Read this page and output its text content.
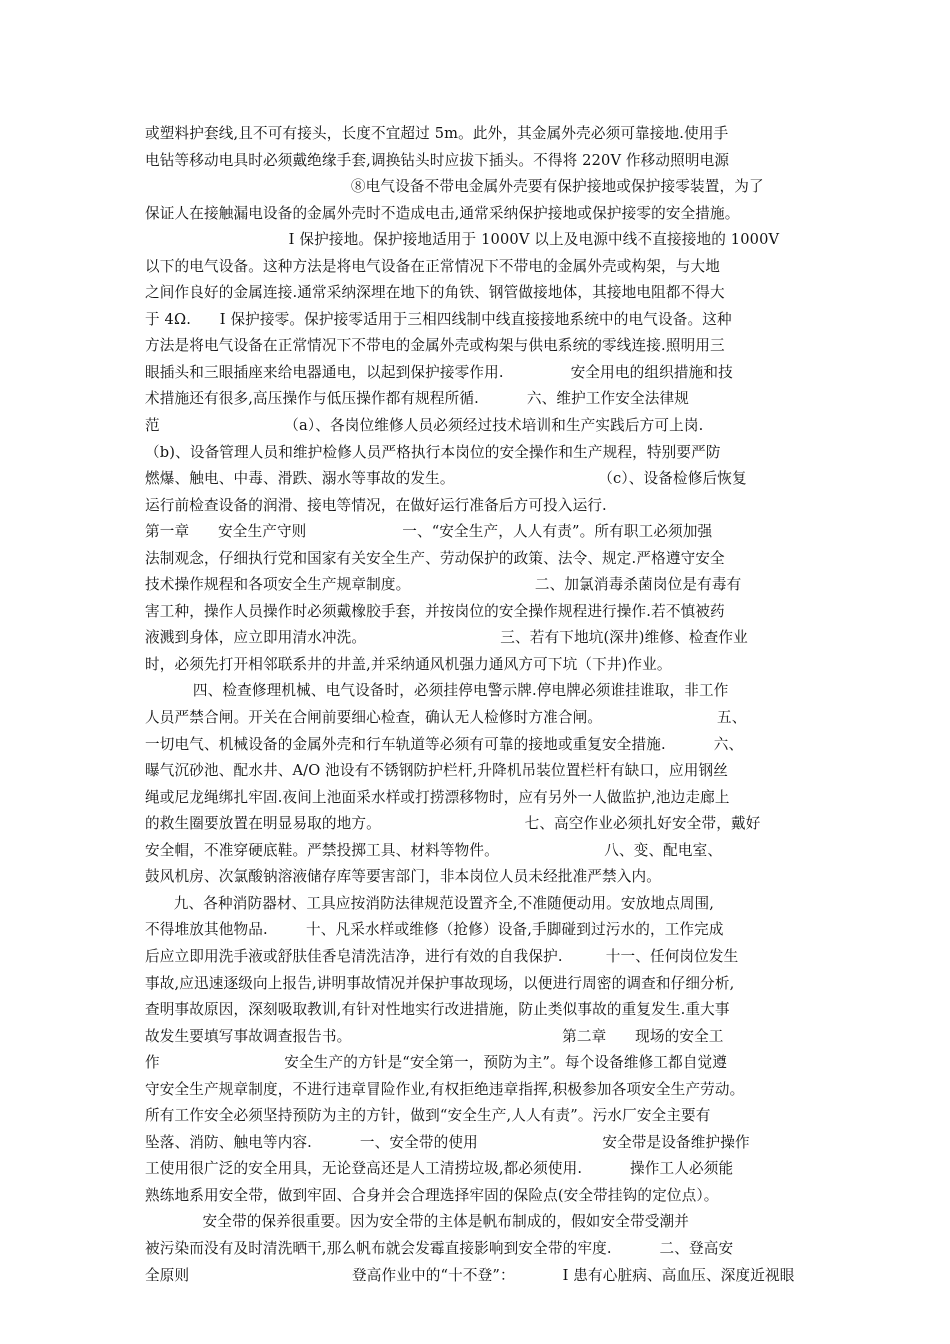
或塑料护套线,且不可有接头，长度不宜超过 5m。此外，其金属外壳必须可靠接地.使用手
电钻等移动电具时必须戴绝缘手套,调换钻头时应拔下插头。不得将 220V 作移动照明电源
⑧电气设备不带电金属外壳要有保护接地或保护接零装置，为了
保证人在接触漏电设备的金属外壳时不造成电击,通常采纳保护接地或保护接零的安全措施。
I 保护接地。保护接地适用于 1000V 以上及电源中线不直接接地的 1000V
以下的电气设备。这种方法是将电气设备在正常情况下不带电的金属外壳或构架，与大地
之间作良好的金属连接.通常采纳深埋在地下的角铁、钢管做接地体，其接地电阻都不得大
于 4Ω.      I 保护接零。保护接零适用于三相四线制中线直接接地系统中的电气设备。这种
方法是将电气设备在正常情况下不带电的金属外壳或构架与供电系统的零线连接.照明用三
眼插头和三眼插座来给电器通电，以起到保护接零作用.              安全用电的组织措施和技
术措施还有很多,高压操作与低压操作都有规程所循.          六、维护工作安全法律规
范                          （a）、各岗位维修人员必须经过技术培训和生产实践后方可上岗.
（b)、设备管理人员和维护检修人员严格执行本岗位的安全操作和生产规程，特别要严防
燃爆、触电、中毒、滑跌、溺水等事故的发生。                              （c）、设备检修后恢复
运行前检查设备的润滑、接电等情况，在做好运行准备后方可投入运行.
第一章      安全生产守则                    一、“安全生产，人人有责”。所有职工必须加强
法制观念，仔细执行党和国家有关安全生产、劳动保护的政策、法令、规定.严格遵守安全
技术操作规程和各项安全生产规章制度。                          二、加氯消毒杀菌岗位是有毒有
害工种，操作人员操作时必须戴橡胶手套，并按岗位的安全操作规程进行操作.若不慎被药
液溅到身体，应立即用清水冲洗。                            三、若有下地坑(深井)维修、检查作业
时，必须先打开相邻联系井的井盖,并采纳通风机强力通风方可下坑（下井)作业。
四、检查修理机械、电气设备时，必须挂停电警示牌.停电牌必须谁挂谁取，非工作
人员严禁合闸。开关在合闸前要细心检查，确认无人检修时方准合闸。                        五、
一切电气、机械设备的金属外壳和行车轨道等必须有可靠的接地或重复安全措施.          六、
曝气沉砂池、配水井、A/O 池设有不锈钢防护栏杆,升降机吊装位置栏杆有缺口，应用钢丝
绳或尼龙绳绑扎牢固.夜间上池面采水样或打捞漂移物时，应有另外一人做监护,池边走廊上
的救生圈要放置在明显易取的地方。                              七、高空作业必须扎好安全带，戴好
安全帽，不准穿硬底鞋。严禁投掷工具、材料等物件。                      八、变、配电室、
鼓风机房、次氯酸钠溶液储存库等要害部门，非本岗位人员未经批准严禁入内。
九、各种消防器材、工具应按消防法律规范设置齐全,不准随便动用。安放地点周围,
不得堆放其他物品.        十、凡采水样或维修（抢修）设备,手脚碰到过污水的，工作完成
后应立即用洗手液或舒肤佳香皂清洗洁净，进行有效的自我保护.         十一、任何岗位发生
事故,应迅速逐级向上报告,讲明事故情况并保护事故现场，以便进行周密的调查和仔细分析,
查明事故原因，深刻吸取教训,有针对性地实行改进措施，防止类似事故的重复发生.重大事
故发生要填写事故调查报告书。                                            第二章      现场的安全工
作                          安全生产的方针是“安全第一，预防为主”。每个设备维修工都自觉遵
守安全生产规章制度，不进行违章冒险作业,有权拒绝违章指挥,积极参加各项安全生产劳动。
所有工作安全必须坚持预防为主的方针，做到“安全生产,人人有责”。污水厂安全主要有
坠落、消防、触电等内容.          一、安全带的使用                          安全带是设备维护操作
工使用很广泛的安全用具，无论登高还是人工清捞垃圾,都必须使用.          操作工人必须能
熟练地系用安全带，做到牢固、合身并会合理选择牢固的保险点(安全带挂钩的定位点）。
安全带的保养很重要。因为安全带的主体是帆布制成的，假如安全带受潮并
被污染而没有及时清洗晒干,那么帆布就会发霉直接影响到安全带的牢度.          二、登高安
全原则                                  登高作业中的“十不登”：          I 患有心脏病、高血压、深度近视眼
